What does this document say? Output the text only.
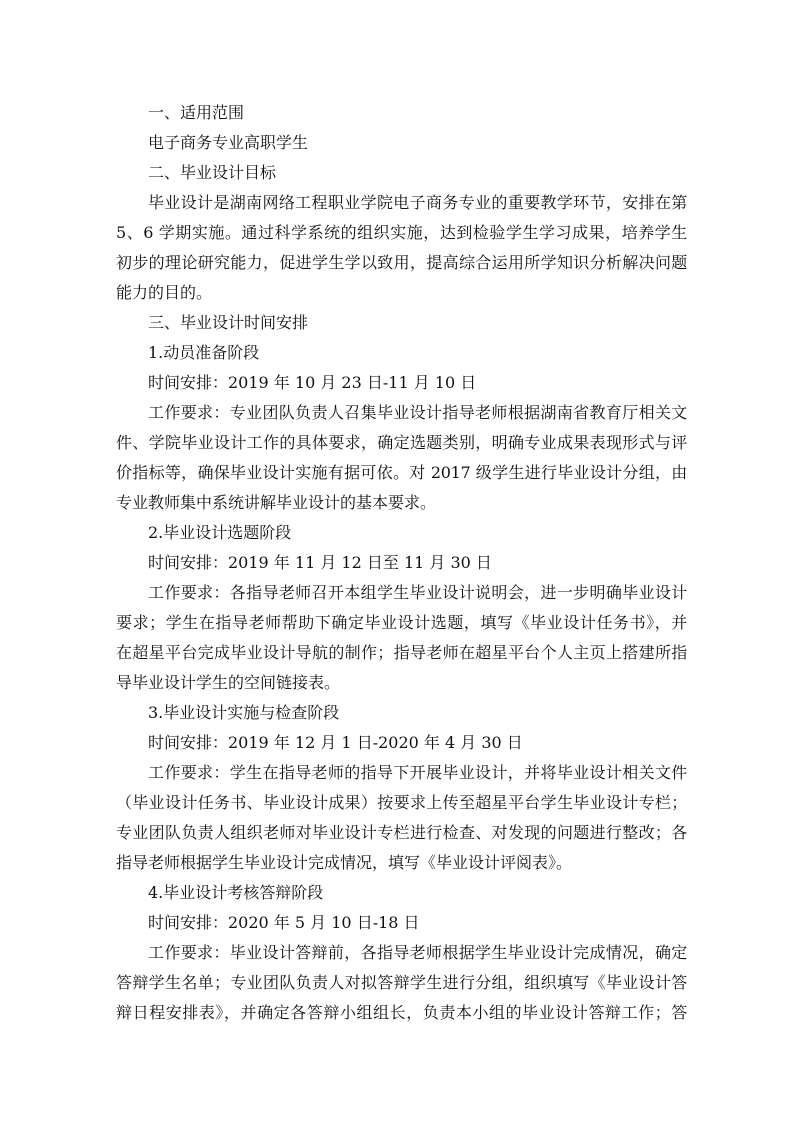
一、适用范围
电子商务专业高职学生
二、毕业设计目标
毕业设计是湖南网络工程职业学院电子商务专业的重要教学环节，安排在第
5、6 学期实施。通过科学系统的组织实施，达到检验学生学习成果，培养学生
初步的理论研究能力，促进学生学以致用，提高综合运用所学知识分析解决问题
能力的目的。
三、毕业设计时间安排
1.动员准备阶段
时间安排：2019 年 10 月 23 日-11 月 10 日
工作要求：专业团队负责人召集毕业设计指导老师根据湖南省教育厅相关文
件、学院毕业设计工作的具体要求，确定选题类别，明确专业成果表现形式与评
价指标等，确保毕业设计实施有据可依。对 2017 级学生进行毕业设计分组，由
专业教师集中系统讲解毕业设计的基本要求。
2.毕业设计选题阶段
时间安排：2019 年 11 月 12 日至 11 月 30 日
工作要求：各指导老师召开本组学生毕业设计说明会，进一步明确毕业设计
要求；学生在指导老师帮助下确定毕业设计选题，填写《毕业设计任务书》，并
在超星平台完成毕业设计导航的制作；指导老师在超星平台个人主页上搭建所指
导毕业设计学生的空间链接表。
3.毕业设计实施与检查阶段
时间安排：2019 年 12 月 1 日-2020 年 4 月 30 日
工作要求：学生在指导老师的指导下开展毕业设计，并将毕业设计相关文件
（毕业设计任务书、毕业设计成果）按要求上传至超星平台学生毕业设计专栏；
专业团队负责人组织老师对毕业设计专栏进行检查、对发现的问题进行整改；各
指导老师根据学生毕业设计完成情况，填写《毕业设计评阅表》。
4.毕业设计考核答辩阶段
时间安排：2020 年 5 月 10 日-18 日
工作要求：毕业设计答辩前，各指导老师根据学生毕业设计完成情况，确定
答辩学生名单；专业团队负责人对拟答辩学生进行分组，组织填写《毕业设计答
辩日程安排表》，并确定各答辩小组组长，负责本小组的毕业设计答辩工作；答
